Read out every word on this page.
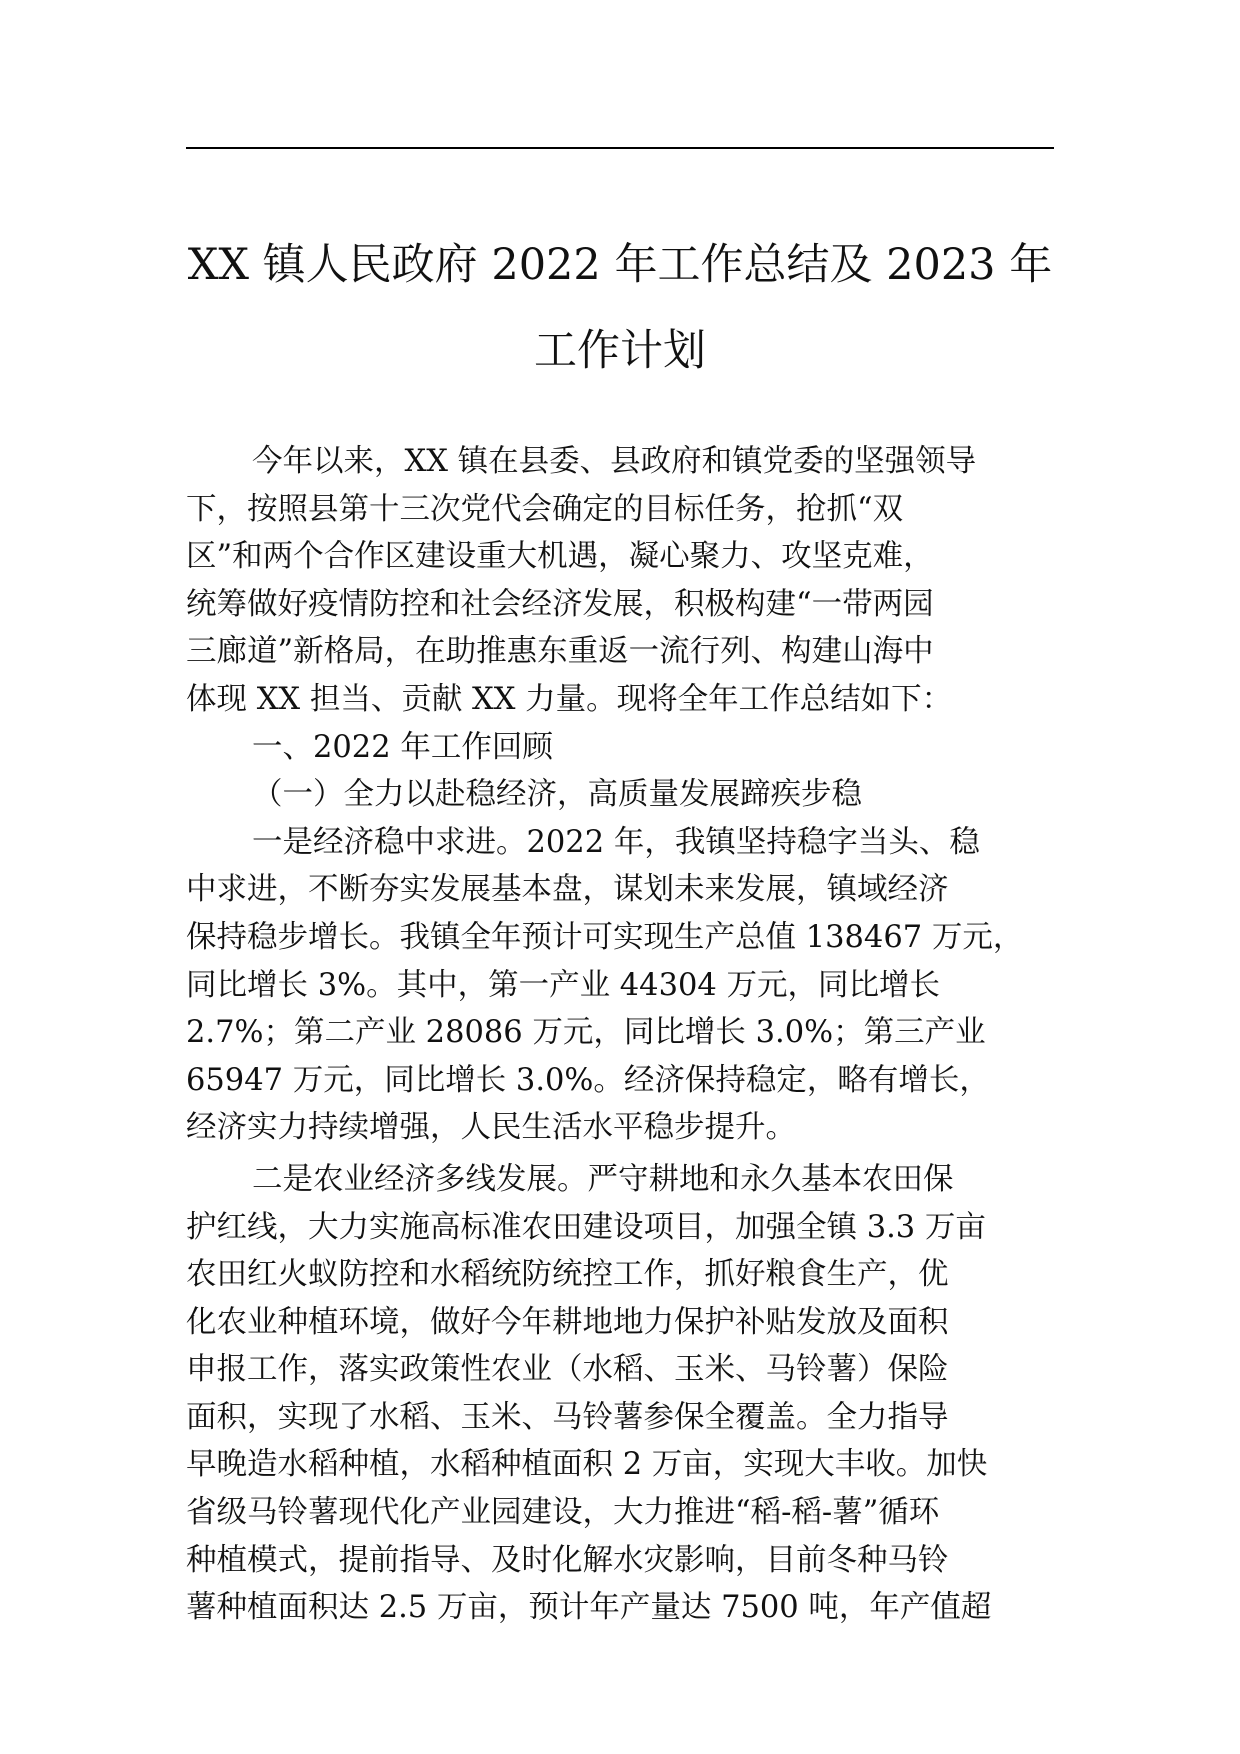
XX 镇人民政府 2022 年工作总结及 2023 年
工作计划
今年以来，XX 镇在县委、县政府和镇党委的坚强领导
下，按照县第十三次党代会确定的目标任务，抢抓“双
区”和两个合作区建设重大机遇，凝心聚力、攻坚克难，
统筹做好疫情防控和社会经济发展，积极构建“一带两园
三廊道”新格局，在助推惠东重返一流行列、构建山海中
体现 XX 担当、贡献 XX 力量。现将全年工作总结如下：
一、2022 年工作回顾
（一）全力以赴稳经济，高质量发展蹄疾步稳
一是经济稳中求进。2022 年，我镇坚持稳字当头、稳
中求进，不断夯实发展基本盘，谋划未来发展，镇域经济
保持稳步增长。我镇全年预计可实现生产总值 138467 万元，
同比增长 3%。其中，第一产业 44304 万元，同比增长
2.7%；第二产业 28086 万元，同比增长 3.0%；第三产业
65947 万元，同比增长 3.0%。经济保持稳定，略有增长，
经济实力持续增强，人民生活水平稳步提升。
二是农业经济多线发展。严守耕地和永久基本农田保
护红线，大力实施高标准农田建设项目，加强全镇 3.3 万亩
农田红火蚁防控和水稻统防统控工作，抓好粮食生产，优
化农业种植环境，做好今年耕地地力保护补贴发放及面积
申报工作，落实政策性农业（水稻、玉米、马铃薯）保险
面积，实现了水稻、玉米、马铃薯参保全覆盖。全力指导
早晚造水稻种植，水稻种植面积 2 万亩，实现大丰收。加快
省级马铃薯现代化产业园建设，大力推进“稻-稻-薯”循环
种植模式，提前指导、及时化解水灾影响，目前冬种马铃
薯种植面积达 2.5 万亩，预计年产量达 7500 吨，年产值超
